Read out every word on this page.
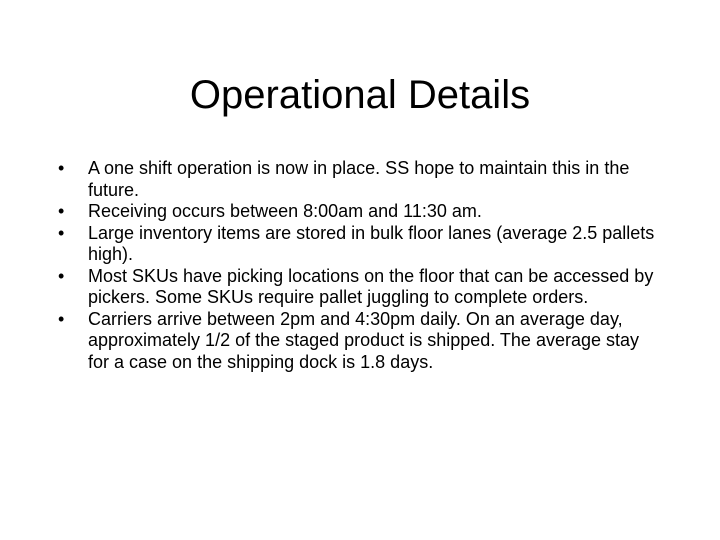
Operational Details
•	A one shift operation is now in place. SS hope to maintain this in the future.
•	Receiving occurs between 8:00am and 11:30 am.
•	Large inventory items are stored in bulk floor lanes (average 2.5 pallets high).
•	Most SKUs have picking locations on the floor that can be accessed by pickers. Some SKUs require pallet juggling to complete orders.
•	Carriers arrive between 2pm and 4:30pm daily. On an average day, approximately 1/2 of the staged product is shipped. The average stay for a case on the shipping dock is 1.8 days.
